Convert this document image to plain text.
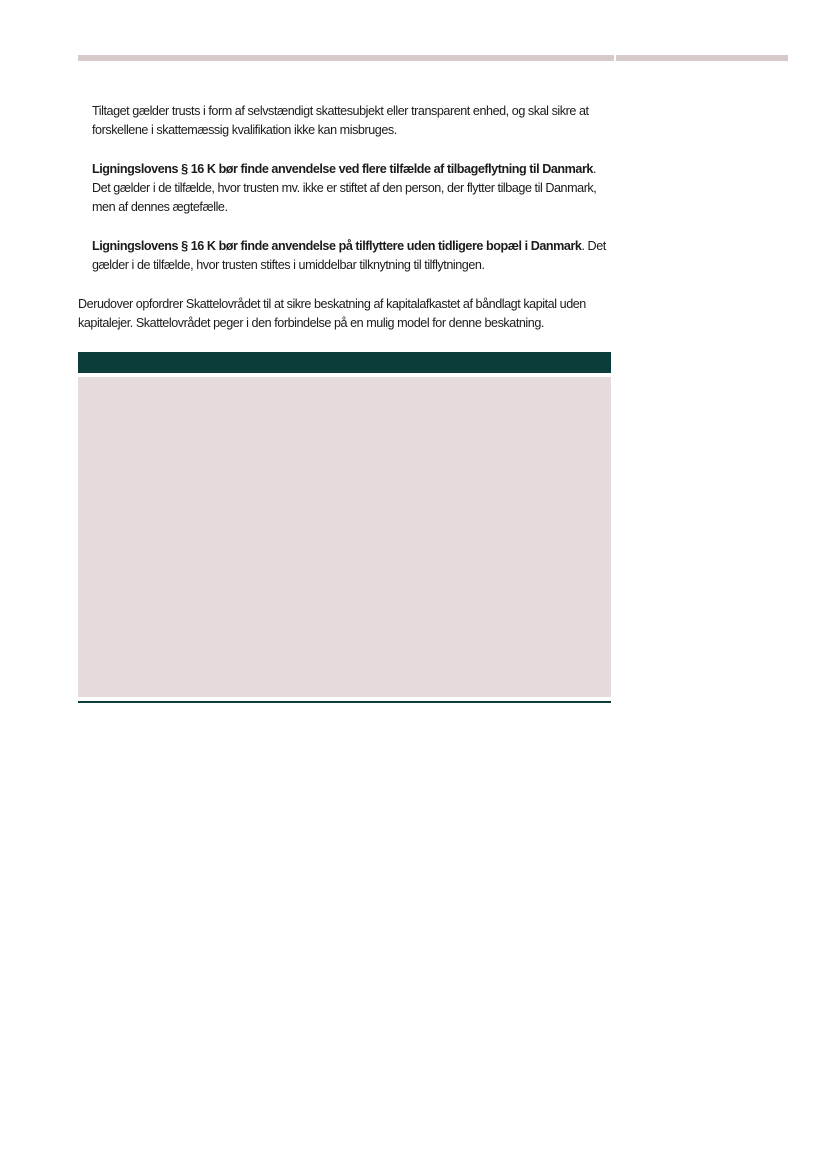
Tiltaget gælder trusts i form af selvstændigt skattesubjekt eller transparent enhed, og skal sikre at forskellene i skattemæssig kvalifikation ikke kan misbruges.

Ligningslovens § 16 K bør finde anvendelse ved flere tilfælde af tilbageflytning til Danmark. Det gælder i de tilfælde, hvor trusten mv. ikke er stiftet af den person, der flytter tilbage til Danmark, men af dennes ægtefælle.

Ligningslovens § 16 K bør finde anvendelse på tilflyttere uden tidligere bopæl i Danmark. Det gælder i de tilfælde, hvor trusten stiftes i umiddelbar tilknytning til tilflytningen.

Derudover opfordrer Skattelovrådet til at sikre beskatning af kapitalafkastet af båndlagt kapital uden kapitalejer. Skattelovrådet peger i den forbindelse på en mulig model for denne beskatning.
